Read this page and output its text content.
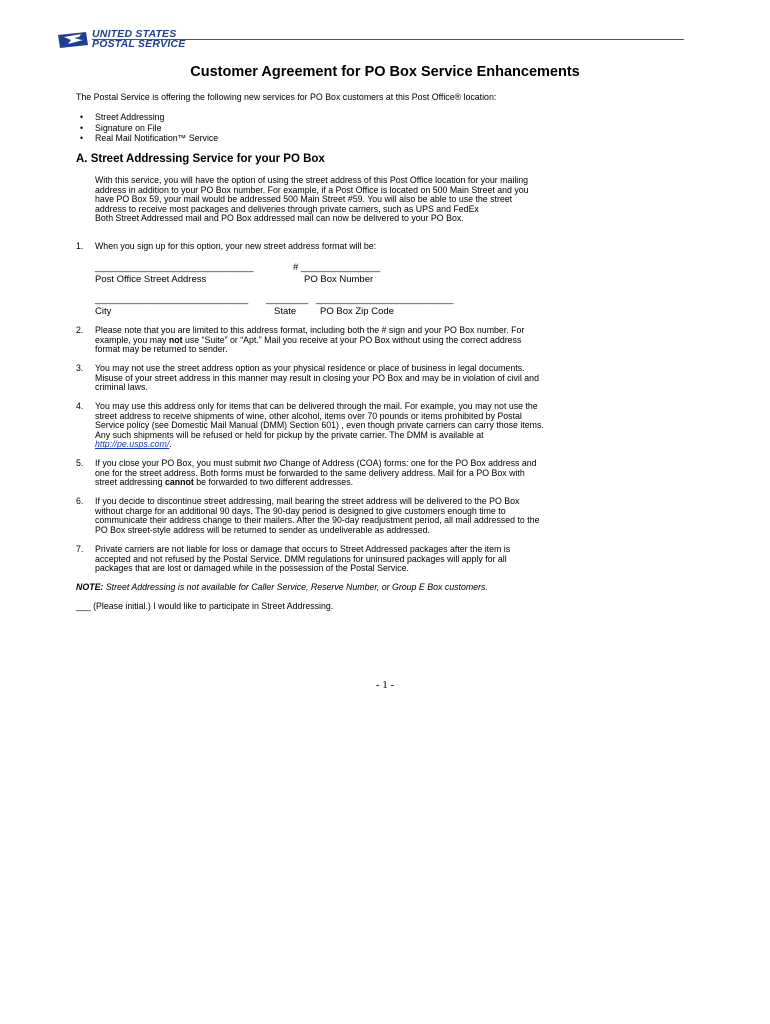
UNITED STATES
POSTAL SERVICE
Customer Agreement for PO Box Service Enhancements
The Postal Service is offering the following new services for PO Box customers at this Post Office® location:
• Street Addressing
• Signature on File
• Real Mail Notification™ Service
A. Street Addressing Service for your PO Box
With this service, you will have the option of using the street address of this Post Office location for your mailing
address in addition to your PO Box number. For example, if a Post Office is located on 500 Main Street and you
have PO Box 59, your mail would be addressed 500 Main Street #59. You will also be able to use the street
address to receive most packages and deliveries through private carriers, such as UPS and FedEx
Both Street Addressed mail and PO Box addressed mail can now be delivered to your PO Box.
1. When you sign up for this option, your new street address format will be:
______________________________	# _______________
Post Office Street Address	PO Box Number
_____________________________ ________ __________________________
City	State	PO Box Zip Code
2. Please note that you are limited to this address format, including both the # sign and your PO Box number. For
example, you may not use “Suite” or “Apt.” Mail you receive at your PO Box without using the correct address
format may be returned to sender.
3. You may not use the street address option as your physical residence or place of business in legal documents.
Misuse of your street address in this manner may result in closing your PO Box and may be in violation of civil and
criminal laws.
4. You may use this address only for items that can be delivered through the mail. For example, you may not use the
street address to receive shipments of wine, other alcohol, items over 70 pounds or items prohibited by Postal
Service policy (see Domestic Mail Manual (DMM) Section 601) , even though private carriers can carry those items.
Any such shipments will be refused or held for pickup by the private carrier. The DMM is available at
http://pe.usps.com/.
5. If you close your PO Box, you must submit two Change of Address (COA) forms: one for the PO Box address and
one for the street address. Both forms must be forwarded to the same delivery address. Mail for a PO Box with
street addressing cannot be forwarded to two different addresses.
6. If you decide to discontinue street addressing, mail bearing the street address will be delivered to the PO Box
without charge for an additional 90 days. The 90-day period is designed to give customers enough time to
communicate their address change to their mailers. After the 90-day readjustment period, all mail addressed to the
PO Box street-style address will be returned to sender as undeliverable as addressed.
7. Private carriers are not liable for loss or damage that occurs to Street Addressed packages after the item is
accepted and not refused by the Postal Service. DMM regulations for uninsured packages will apply for all
packages that are lost or damaged while in the possession of the Postal Service.
NOTE: Street Addressing is not available for Caller Service, Reserve Number, or Group E Box customers.
___ (Please initial.) I would like to participate in Street Addressing.
- 1 -
